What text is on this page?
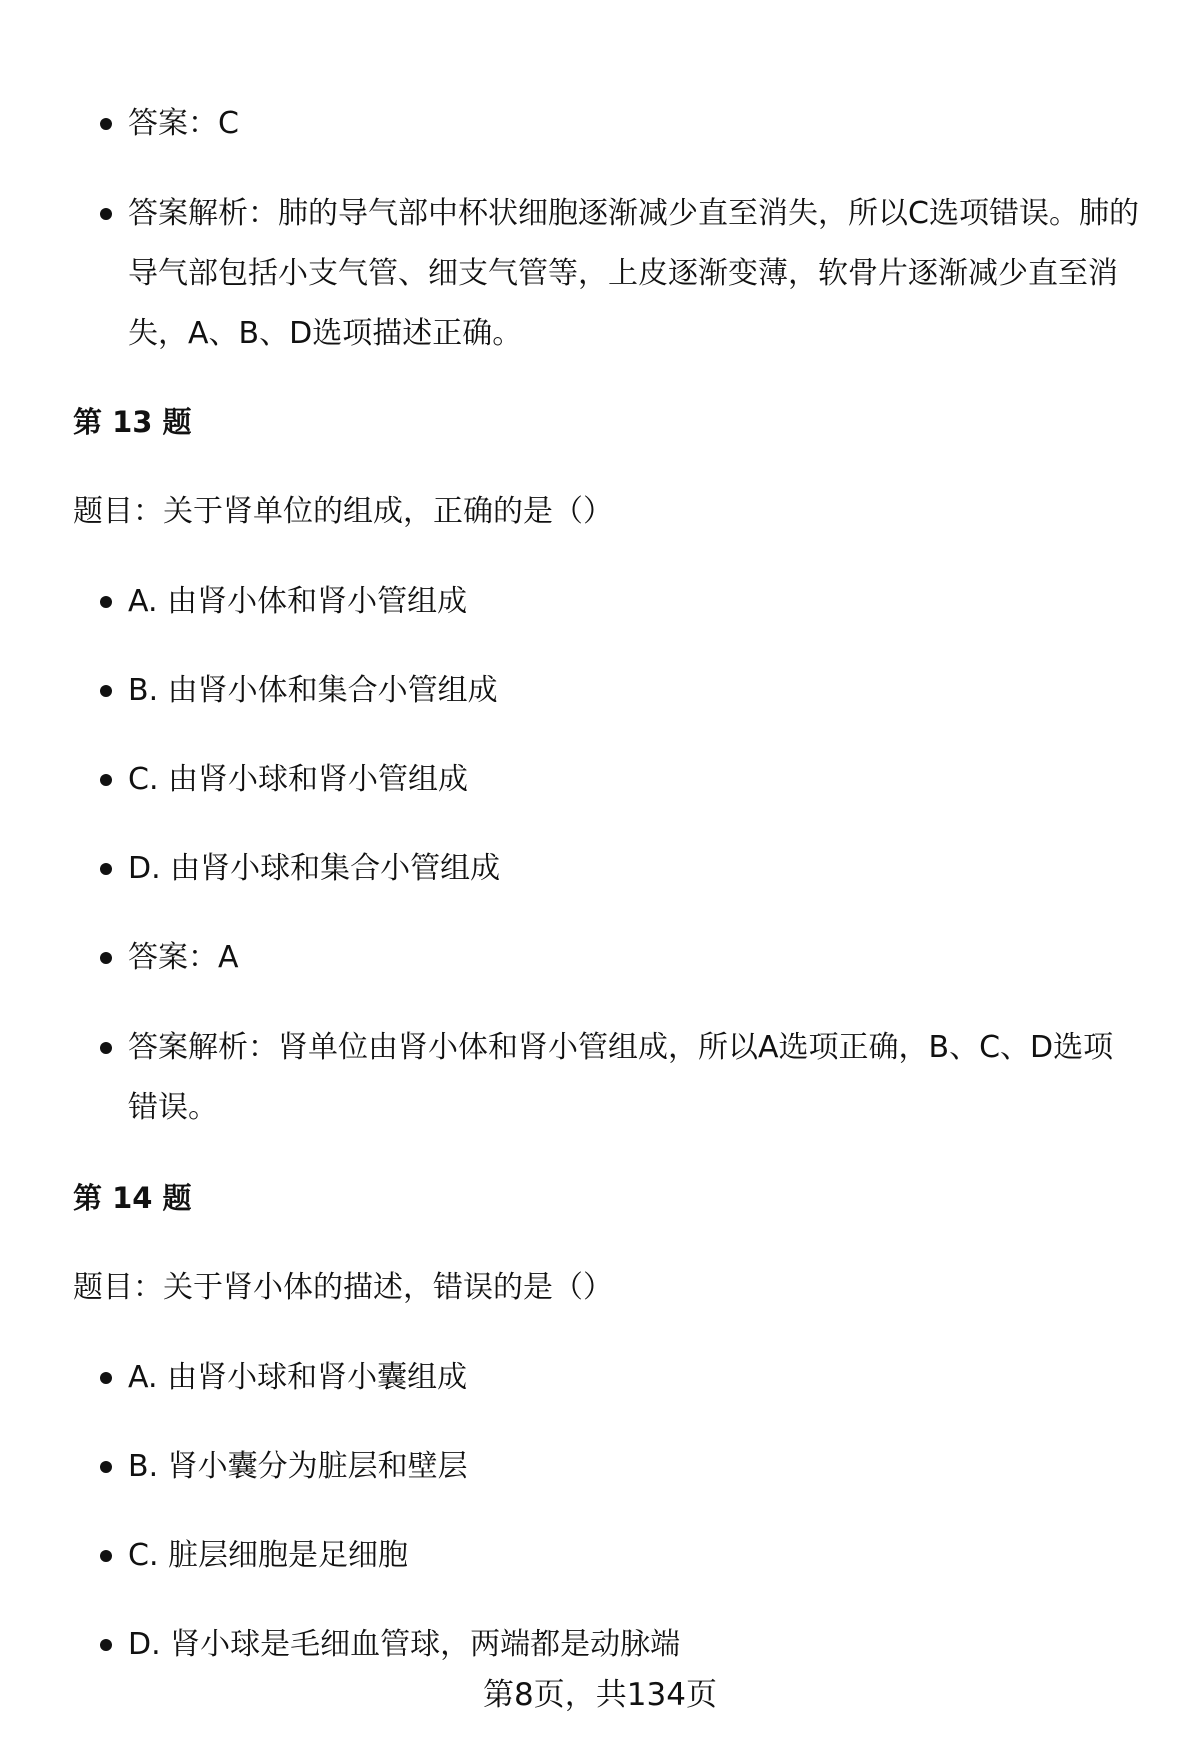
答案：C
答案解析：肺的导气部中杯状细胞逐渐减少直至消失，所以C选项错误。肺的导气部包括小支气管、细支气管等，上皮逐渐变薄，软骨片逐渐减少直至消失，A、B、D选项描述正确。
第 13 题
题目：关于肾单位的组成，正确的是（）
A. 由肾小体和肾小管组成
B. 由肾小体和集合小管组成
C. 由肾小球和肾小管组成
D. 由肾小球和集合小管组成
答案：A
答案解析：肾单位由肾小体和肾小管组成，所以A选项正确，B、C、D选项错误。
第 14 题
题目：关于肾小体的描述，错误的是（）
A. 由肾小球和肾小囊组成
B. 肾小囊分为脏层和壁层
C. 脏层细胞是足细胞
D. 肾小球是毛细血管球，两端都是动脉端
第8页，共134页
